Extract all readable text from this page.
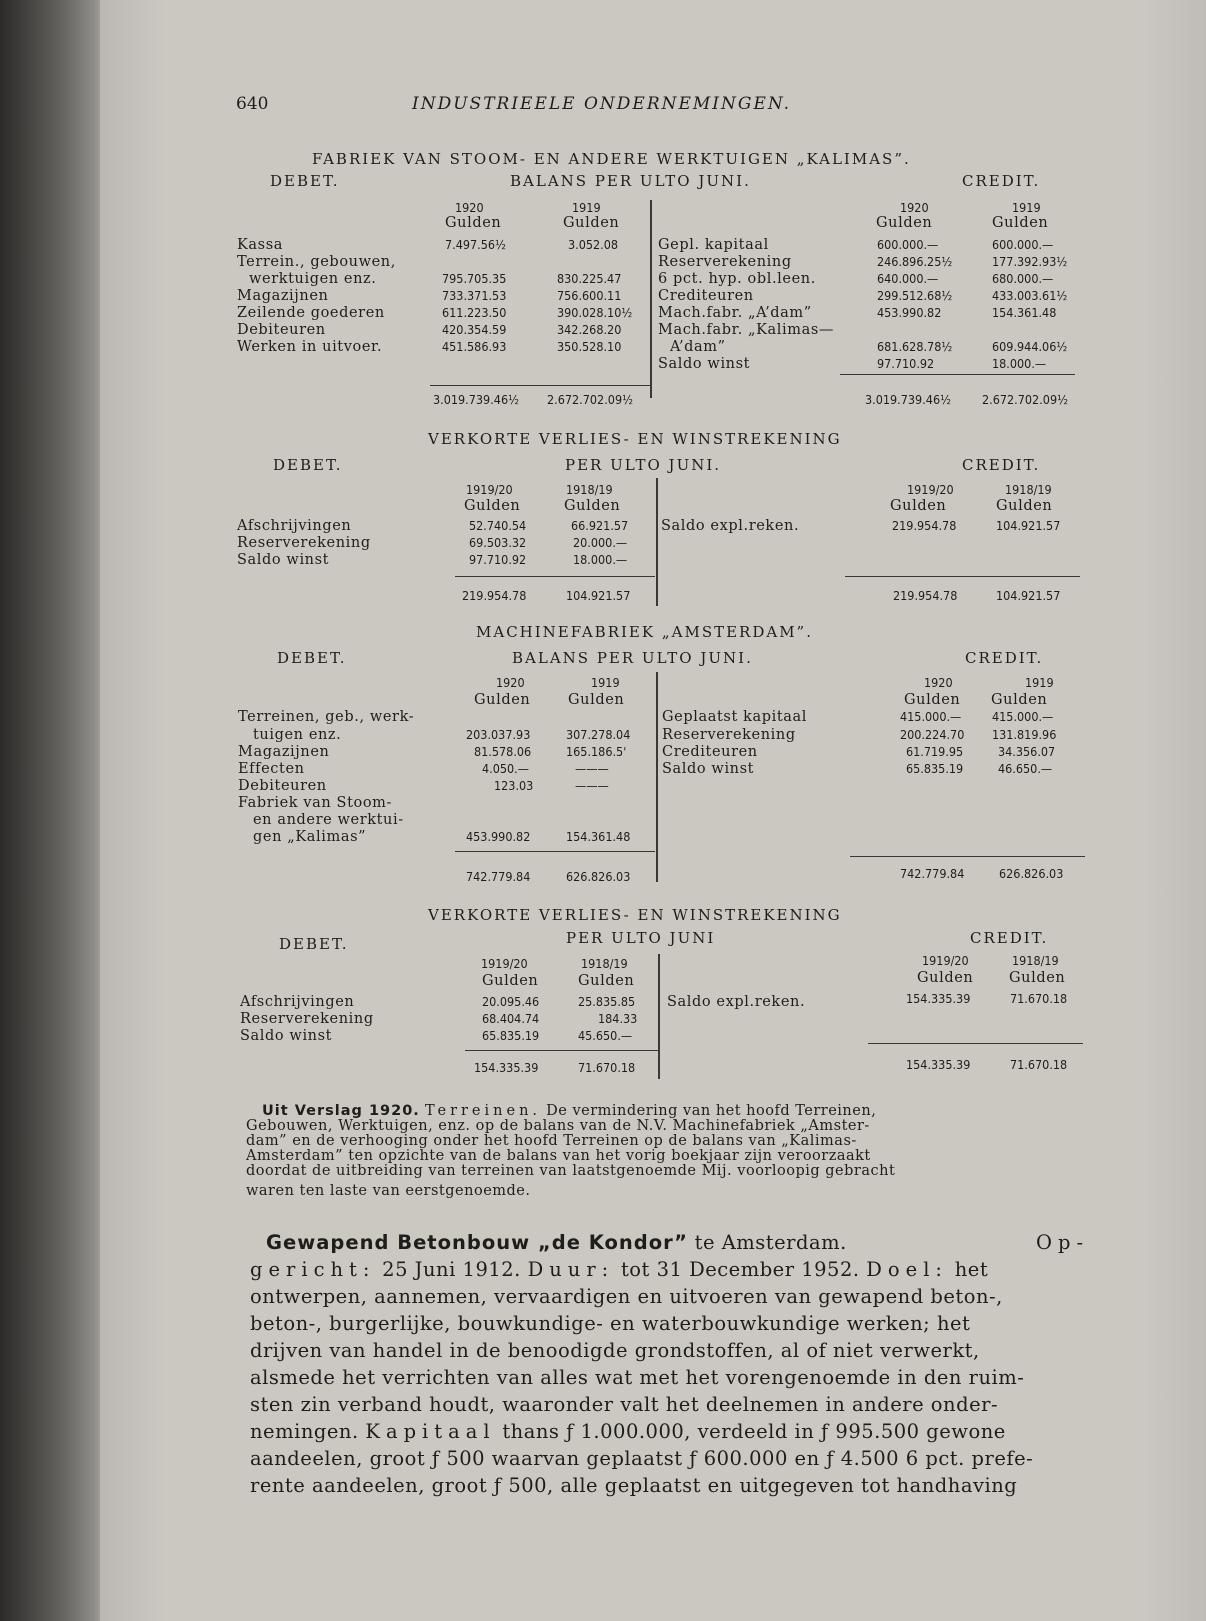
640	INDUSTRIEELE ONDERNEMINGEN.
FABRIEK VAN STOOM- EN ANDERE WERKTUIGEN „KALIMAS”.
DEBET.	BALANS PER ULTO JUNI.	CREDIT.
1920	1919
Gulden	Gulden
1920	1919
Gulden	Gulden
Kassa	7.497.56½	3.052.08
Terrein., gebouwen,
werktuigen enz.	795.705.35	830.225.47
Magazijnen	733.371.53	756.600.11
Zeilende goederen	611.223.50	390.028.10½
Debiteuren	420.354.59	342.268.20
Werken in uitvoer.	451.586.93	350.528.10
Gepl. kapitaal	600.000.—	600.000.—
Reserverekening	246.896.25½	177.392.93½
6 pct. hyp. obl.leen.	640.000.—	680.000.—
Crediteuren	299.512.68½	433.003.61½
Mach.fabr. „A’dam”	453.990.82	154.361.48
Mach.fabr. „Kalimas—
A’dam”	681.628.78½	609.944.06½
Saldo winst	97.710.92	18.000.—
3.019.739.46½ 2.672.702.09½	3.019.739.46½ 2.672.702.09½
VERKORTE VERLIES- EN WINSTREKENING
DEBET.	PER ULTO JUNI.	CREDIT.
1919/20	1918/19
Gulden	Gulden
1919/20	1918/19
Gulden	Gulden
Afschrijvingen	52.740.54	66.921.57
Reserverekening	69.503.32	20.000.—
Saldo winst	97.710.92	18.000.—
Saldo expl.reken.	219.954.78	104.921.57
219.954.78	104.921.57	219.954.78	104.921.57
MACHINEFABRIEK „AMSTERDAM”.
DEBET.	BALANS PER ULTO JUNI.	CREDIT.
1920	1919
Gulden	Gulden
1920	1919
Gulden Gulden
Terreinen, geb., werk-
tuigen enz.	203.037.93	307.278.04
Magazijnen	81.578.06	165.186.5'
Effecten	4.050.—	———
Debiteuren	123.03	———
Fabriek van Stoom-
en andere werktui-
gen „Kalimas”	453.990.82	154.361.48
Geplaatst kapitaal	415.000.— 415.000.—
Reserverekening	200.224.70 131.819.96
Crediteuren	61.719.95	34.356.07
Saldo winst	65.835.19	46.650.—
742.779.84	626.826.03	742.779.84	626.826.03
VERKORTE VERLIES- EN WINSTREKENING
DEBET.	PER ULTO JUNI	CREDIT.
1919/20	1918/19
Gulden	Gulden
1919/20	1918/19
Gulden Gulden
Afschrijvingen	20.095.46	25.835.85
Reserverekening	68.404.74	184.33
Saldo winst	65.835.19	45.650.—
Saldo expl.reken.	154.335.39	71.670.18
154.335.39	71.670.18	154.335.39	71.670.18
Uit Verslag 1920. Terreinen. De vermindering van het hoofd Terreinen,
Gebouwen, Werktuigen, enz. op de balans van de N.V. Machinefabriek „Amster-
dam” en de verhooging onder het hoofd Terreinen op de balans van „Kalimas-
Amsterdam” ten opzichte van de balans van het vorig boekjaar zijn veroorzaakt
doordat de uitbreiding van terreinen van laatstgenoemde Mij. voorloopig gebracht
waren ten laste van eerstgenoemde.
Gewapend Betonbouw „de Kondor” te Amsterdam.	Op-
gericht: 25 Juni 1912. Duur: tot 31 December 1952. Doel: het
ontwerpen, aannemen, vervaardigen en uitvoeren van gewapend beton-,
beton-, burgerlijke, bouwkundige- en waterbouwkundige werken; het
drijven van handel in de benoodigde grondstoffen, al of niet verwerkt,
alsmede het verrichten van alles wat met het vorengenoemde in den ruim-
sten zin verband houdt, waaronder valt het deelnemen in andere onder-
nemingen. Kapitaal thans ƒ 1.000.000, verdeeld in ƒ 995.500 gewone
aandeelen, groot ƒ 500 waarvan geplaatst ƒ 600.000 en ƒ 4.500 6 pct. prefe-
rente aandeelen, groot ƒ 500, alle geplaatst en uitgegeven tot handhaving
